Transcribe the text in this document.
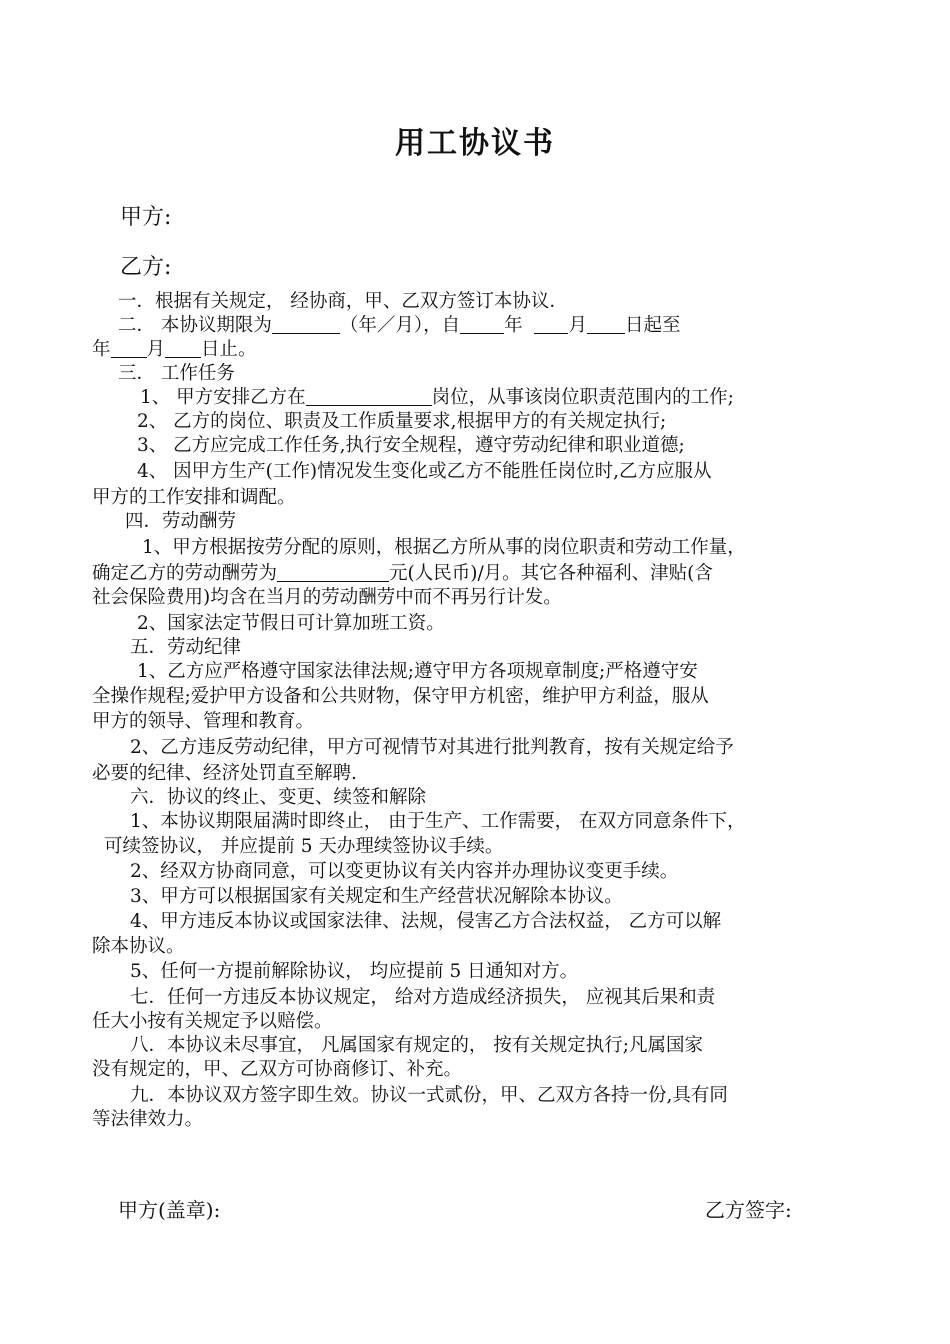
用工协议书
甲方:
乙方:
一．根据有关规定， 经协商，甲、乙双方签订本协议．
二． 本协议期限为	（年／月），自 年 月 日起至
年 月 日止。
三． 工作任务
1、 甲方安排乙方在	岗位，从事该岗位职责范围内的工作;
2、 乙方的岗位、职责及工作质量要求,根据甲方的有关规定执行;
3、 乙方应完成工作任务,执行安全规程，遵守劳动纪律和职业道德;
4、 因甲方生产(工作)情况发生变化或乙方不能胜任岗位时,乙方应服从
甲方的工作安排和调配。
四．劳动酬劳
1、甲方根据按劳分配的原则，根据乙方所从事的岗位职责和劳动工作量，
确定乙方的劳动酬劳为	元(人民币)/月。其它各种福利、津贴(含
社会保险费用)均含在当月的劳动酬劳中而不再另行计发。
2、国家法定节假日可计算加班工资。
五．劳动纪律
1、乙方应严格遵守国家法律法规;遵守甲方各项规章制度;严格遵守安
全操作规程;爱护甲方设备和公共财物，保守甲方机密，维护甲方利益，服从
甲方的领导、管理和教育。
2、乙方违反劳动纪律，甲方可视情节对其进行批判教育，按有关规定给予
必要的纪律、经济处罚直至解聘.
六．协议的终止、变更、续签和解除
1、本协议期限届满时即终止， 由于生产、工作需要， 在双方同意条件下，
可续签协议， 并应提前 5 天办理续签协议手续。
2、经双方协商同意，可以变更协议有关内容并办理协议变更手续。
3、甲方可以根据国家有关规定和生产经营状况解除本协议。
4、甲方违反本协议或国家法律、法规，侵害乙方合法权益， 乙方可以解
除本协议。
5、任何一方提前解除协议， 均应提前 5 日通知对方。
七．任何一方违反本协议规定， 给对方造成经济损失， 应视其后果和责
任大小按有关规定予以赔偿。
八．本协议未尽事宜， 凡属国家有规定的， 按有关规定执行;凡属国家
没有规定的，甲、乙双方可协商修订、补充。
九．本协议双方签字即生效。协议一式贰份，甲、乙双方各持一份,具有同
等法律效力。
甲方(盖章):	乙方签字:
